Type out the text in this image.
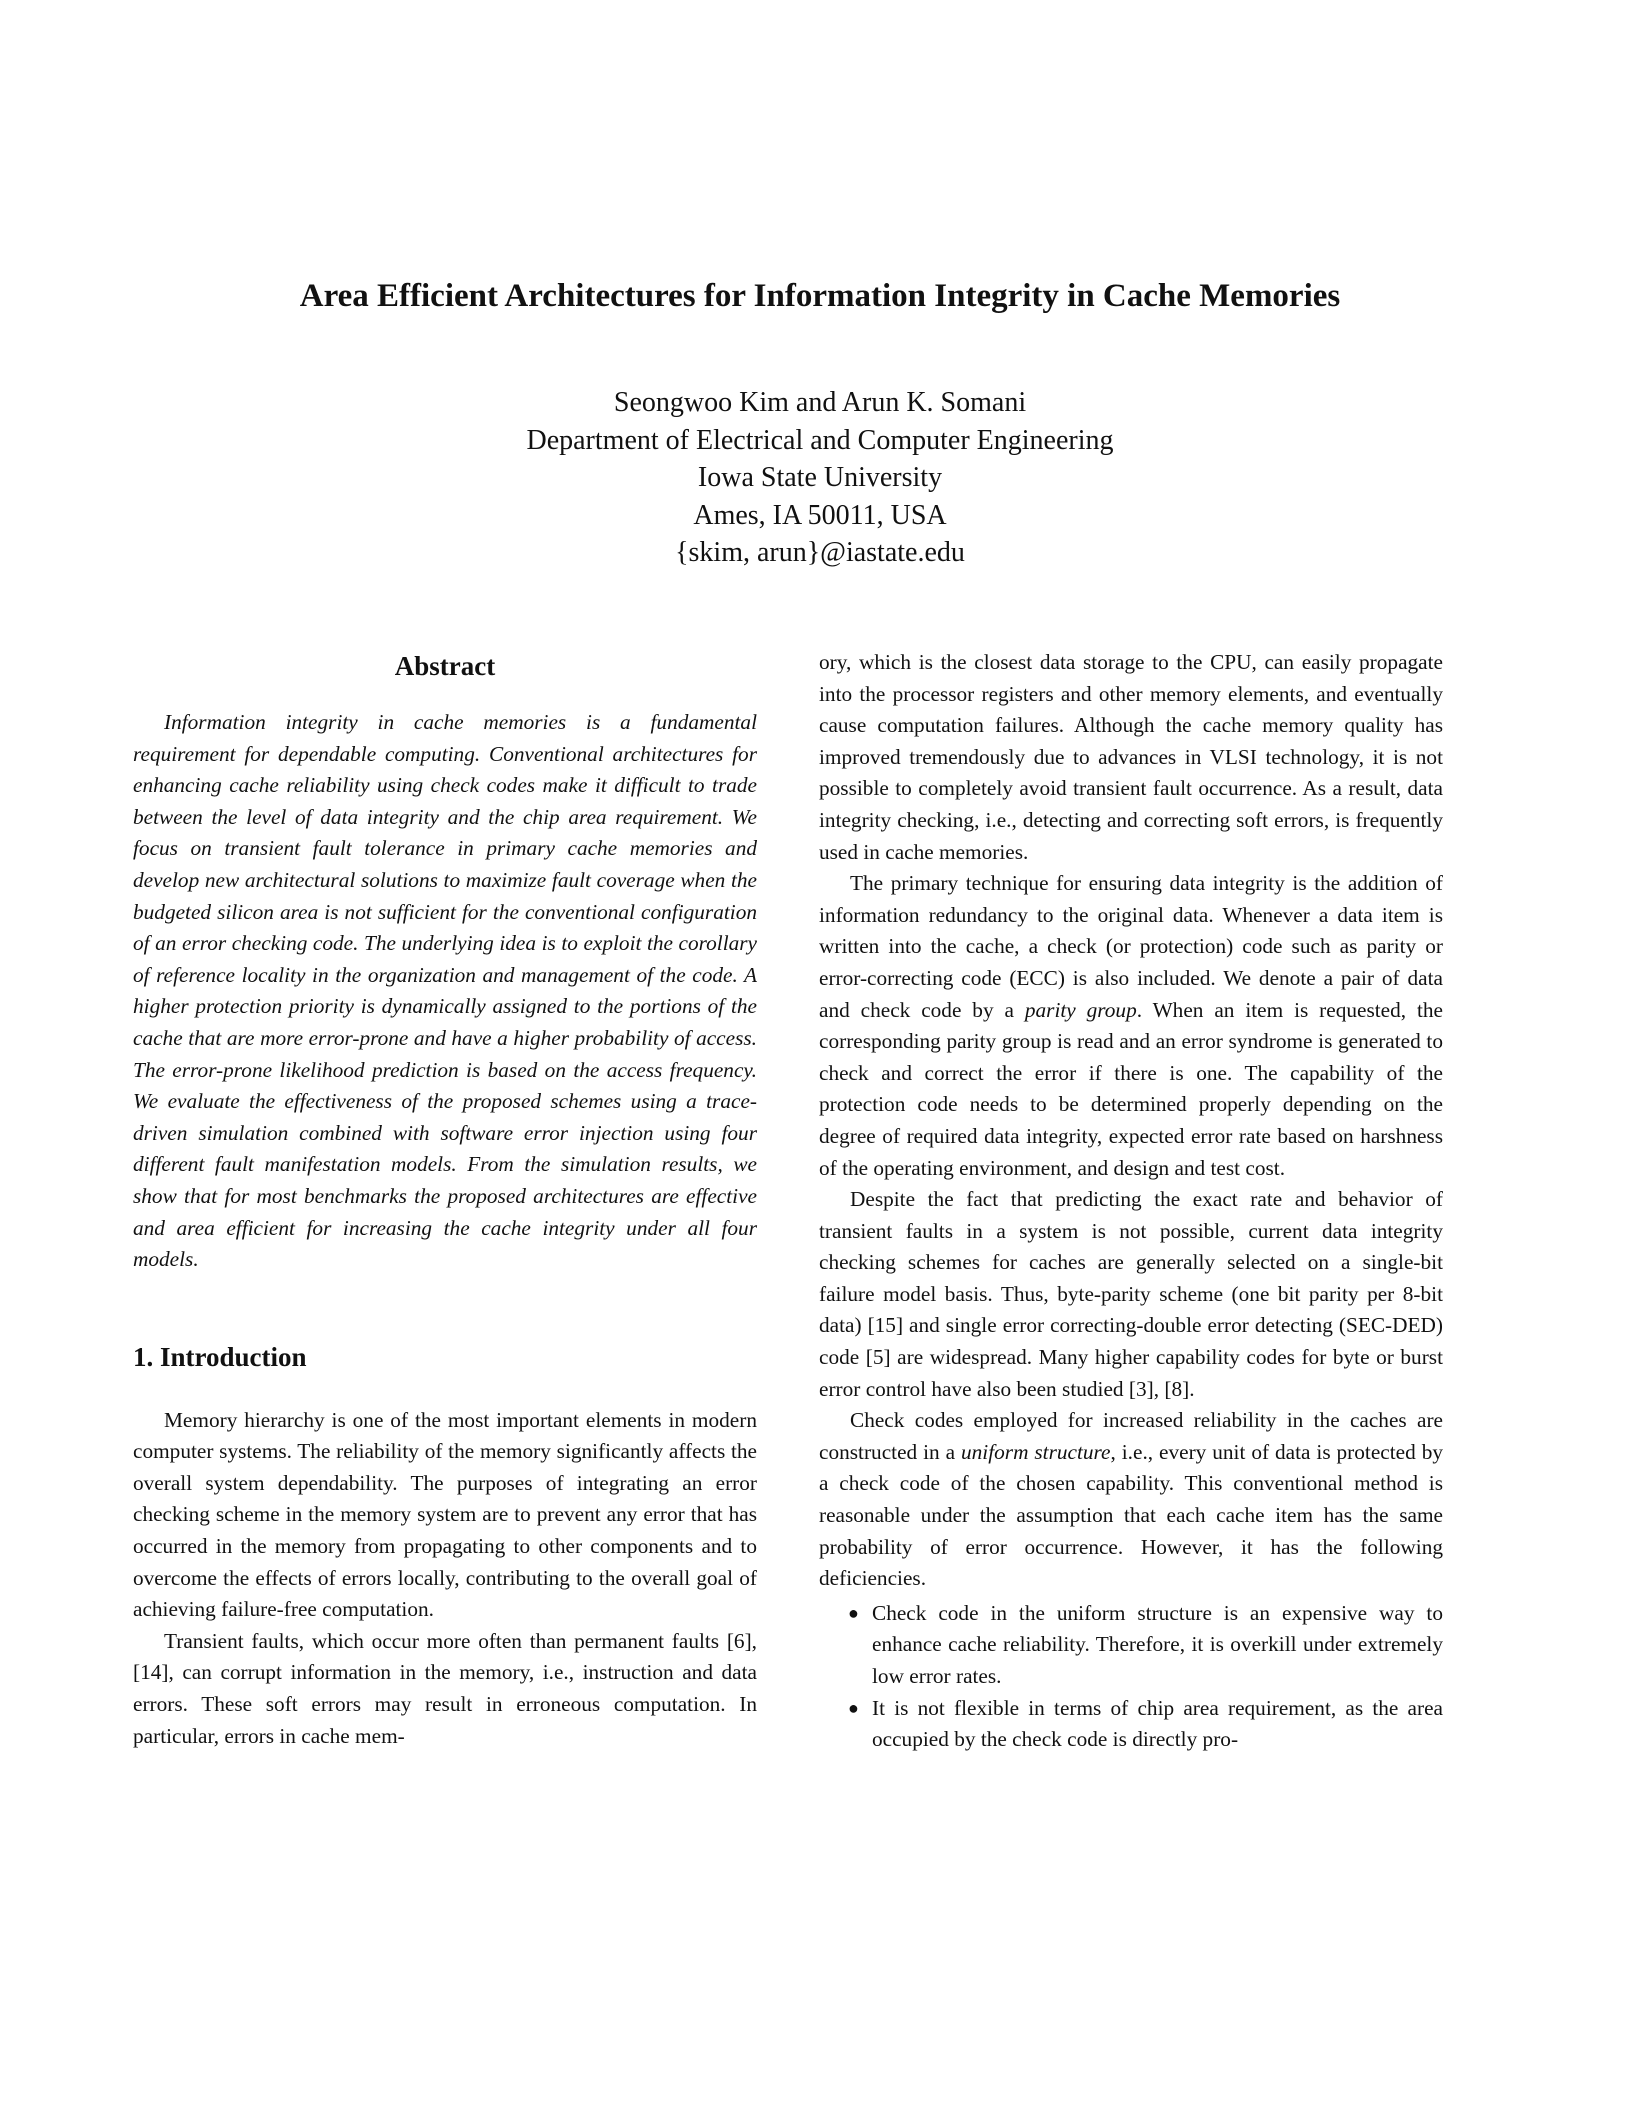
Area Efficient Architectures for Information Integrity in Cache Memories
Seongwoo Kim and Arun K. Somani
Department of Electrical and Computer Engineering
Iowa State University
Ames, IA 50011, USA
{skim, arun}@iastate.edu
Abstract

Information integrity in cache memories is a fundamental requirement for dependable computing. Conventional architectures for enhancing cache reliability using check codes make it difficult to trade between the level of data integrity and the chip area requirement. We focus on transient fault tolerance in primary cache memories and develop new architectural solutions to maximize fault coverage when the budgeted silicon area is not sufficient for the conventional configuration of an error checking code. The underlying idea is to exploit the corollary of reference locality in the organization and management of the code. A higher protection priority is dynamically assigned to the portions of the cache that are more error-prone and have a higher probability of access. The error-prone likelihood prediction is based on the access frequency. We evaluate the effectiveness of the proposed schemes using a trace-driven simulation combined with software error injection using four different fault manifestation models. From the simulation results, we show that for most benchmarks the proposed architectures are effective and area efficient for increasing the cache integrity under all four models.

1. Introduction

Memory hierarchy is one of the most important elements in modern computer systems. The reliability of the memory significantly affects the overall system dependability. The purposes of integrating an error checking scheme in the memory system are to prevent any error that has occurred in the memory from propagating to other components and to overcome the effects of errors locally, contributing to the overall goal of achieving failure-free computation.

Transient faults, which occur more often than permanent faults [6], [14], can corrupt information in the memory, i.e., instruction and data errors. These soft errors may result in erroneous computation. In particular, errors in cache mem-

ory, which is the closest data storage to the CPU, can easily propagate into the processor registers and other memory elements, and eventually cause computation failures. Although the cache memory quality has improved tremendously due to advances in VLSI technology, it is not possible to completely avoid transient fault occurrence. As a result, data integrity checking, i.e., detecting and correcting soft errors, is frequently used in cache memories.

The primary technique for ensuring data integrity is the addition of information redundancy to the original data. Whenever a data item is written into the cache, a check (or protection) code such as parity or error-correcting code (ECC) is also included. We denote a pair of data and check code by a parity group. When an item is requested, the corresponding parity group is read and an error syndrome is generated to check and correct the error if there is one. The capability of the protection code needs to be determined properly depending on the degree of required data integrity, expected error rate based on harshness of the operating environment, and design and test cost.

Despite the fact that predicting the exact rate and behavior of transient faults in a system is not possible, current data integrity checking schemes for caches are generally selected on a single-bit failure model basis. Thus, byte-parity scheme (one bit parity per 8-bit data) [15] and single error correcting-double error detecting (SEC-DED) code [5] are widespread. Many higher capability codes for byte or burst error control have also been studied [3], [8].

Check codes employed for increased reliability in the caches are constructed in a uniform structure, i.e., every unit of data is protected by a check code of the chosen capability. This conventional method is reasonable under the assumption that each cache item has the same probability of error occurrence. However, it has the following deficiencies.

● Check code in the uniform structure is an expensive way to enhance cache reliability. Therefore, it is overkill under extremely low error rates.
● It is not flexible in terms of chip area requirement, as the area occupied by the check code is directly pro-
